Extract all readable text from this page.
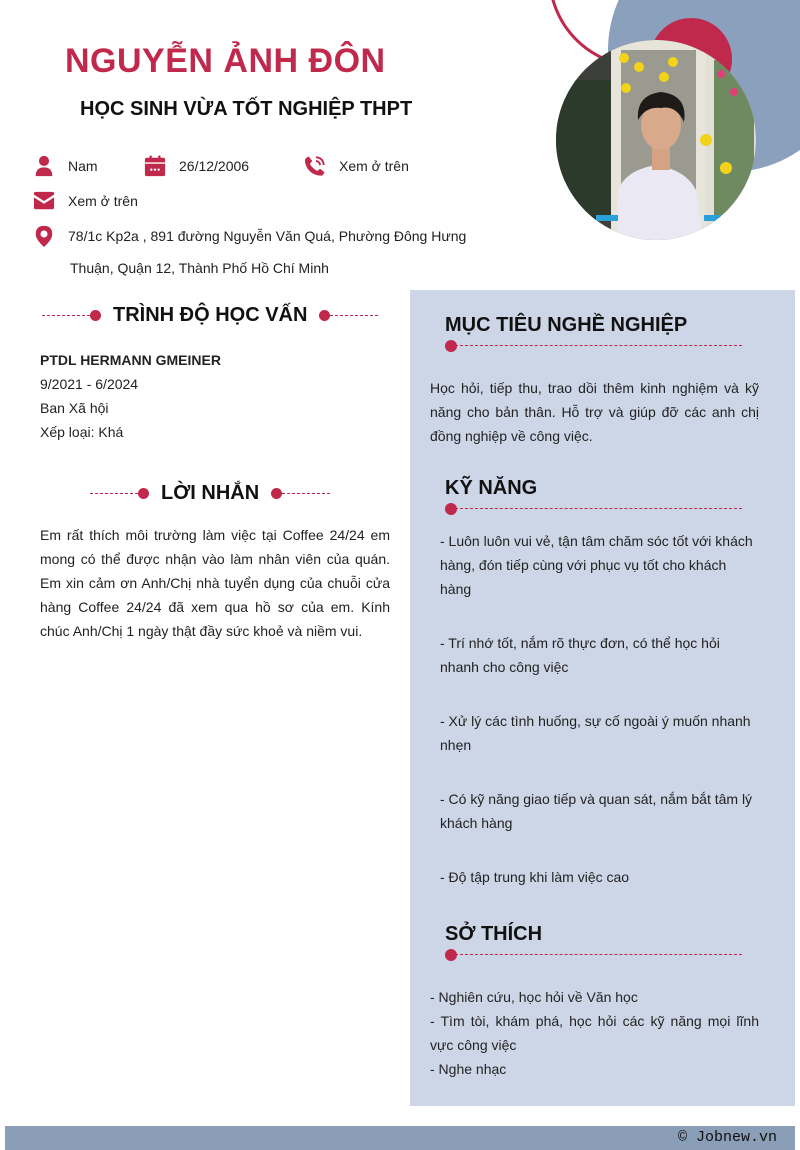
NGUYỄN ẢNH ĐÔN
HỌC SINH VỪA TỐT NGHIỆP THPT
Nam	26/12/2006	Xem ở trên
Xem ở trên
78/1c Kp2a , 891 đường Nguyễn Văn Quá, Phường Đông Hưng
Thuận, Quận 12, Thành Phố Hồ Chí Minh
TRÌNH ĐỘ HỌC VẤN
PTDL HERMANN GMEINER
9/2021 - 6/2024
Ban Xã hội
Xếp loại: Khá
LỜI NHẮN
Em rất thích môi trường làm việc tại Coffee 24/24 em mong có thể được nhận vào làm nhân viên của quán. Em xin cảm ơn Anh/Chị nhà tuyển dụng của chuỗi cửa hàng Coffee 24/24 đã xem qua hồ sơ của em. Kính chúc Anh/Chị 1 ngày thật đầy sức khoẻ và niềm vui.
MỤC TIÊU NGHỀ NGHIỆP
Học hỏi, tiếp thu, trao dồi thêm kinh nghiệm và kỹ năng cho bản thân. Hỗ trợ và giúp đỡ các anh chị đồng nghiệp về công việc.
KỸ NĂNG
- Luôn luôn vui vẻ, tận tâm chăm sóc tốt với khách hàng, đón tiếp cùng với phục vụ tốt cho khách hàng
- Trí nhớ tốt, nắm rõ thực đơn, có thể học hỏi nhanh cho công việc
- Xử lý các tình huống, sự cố ngoài ý muốn nhanh nhẹn
- Có kỹ năng giao tiếp và quan sát, nắm bắt tâm lý khách hàng
- Độ tập trung khi làm việc cao
SỞ THÍCH
- Nghiên cứu, học hỏi về Văn học
- Tìm tòi, khám phá, học hỏi các kỹ năng mọi lĩnh vực công việc
- Nghe nhạc
© Jobnew.vn
